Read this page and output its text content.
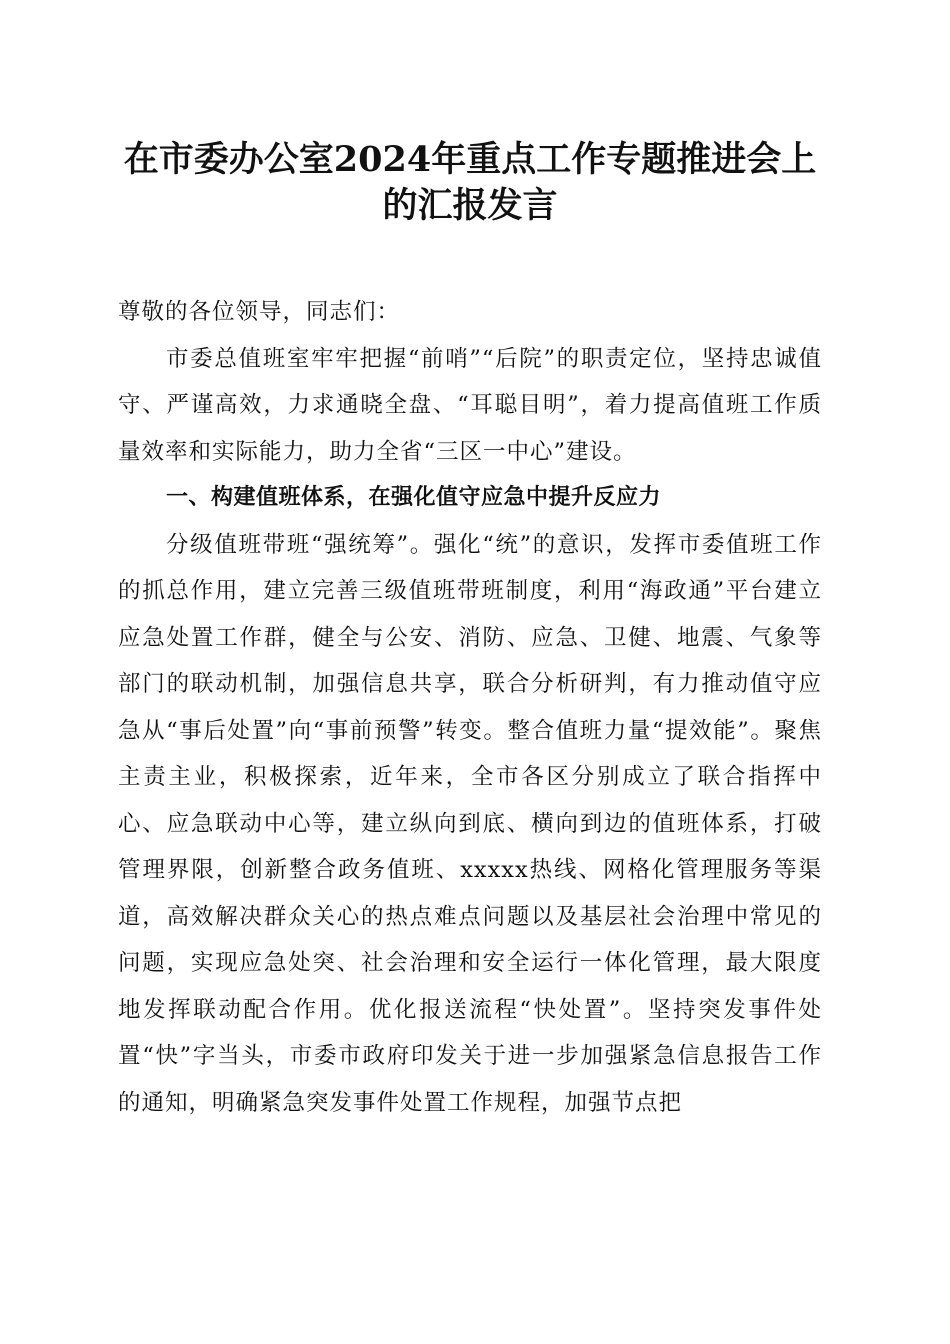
在市委办公室2024年重点工作专题推进会上
的汇报发言

尊敬的各位领导，同志们：

市委总值班室牢牢把握“前哨”“后院”的职责定位，坚持忠诚值守、严谨高效，力求通晓全盘、“耳聪目明”，着力提高值班工作质量效率和实际能力，助力全省“三区一中心”建设。

一、构建值班体系，在强化值守应急中提升反应力

分级值班带班“强统筹”。强化“统”的意识，发挥市委值班工作的抓总作用，建立完善三级值班带班制度，利用“海政通”平台建立应急处置工作群，健全与公安、消防、应急、卫健、地震、气象等部门的联动机制，加强信息共享，联合分析研判，有力推动值守应急从“事后处置”向“事前预警”转变。整合值班力量“提效能”。聚焦主责主业，积极探索，近年来，全市各区分别成立了联合指挥中心、应急联动中心等，建立纵向到底、横向到边的值班体系，打破管理界限，创新整合政务值班、xxxxx热线、网格化管理服务等渠道，高效解决群众关心的热点难点问题以及基层社会治理中常见的问题，实现应急处突、社会治理和安全运行一体化管理，最大限度地发挥联动配合作用。优化报送流程“快处置”。坚持突发事件处置“快”字当头，市委市政府印发关于进一步加强紧急信息报告工作的通知，明确紧急突发事件处置工作规程，加强节点把
